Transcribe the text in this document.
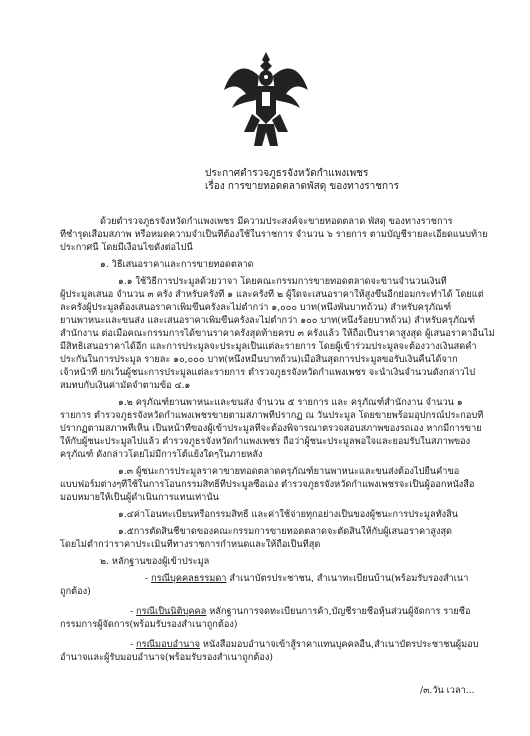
ประกาศตำรวจภูธรจังหวัดกำแพงเพชร
เรื่อง การขายทอดตลาดพัสดุ ของทางราชการ
ด้วยตำรวจภูธรจังหวัดกำแพงเพชร มีความประสงค์จะขายทอดตลาด พัสดุ ของทางราชการ
ที่ชำรุดเสื่อมสภาพ หรือหมดความจำเป็นที่ต้องใช้ในราชการ จำนวน ๖ รายการ ตามบัญชีรายละเอียดแนบท้าย
ประกาศนี้ โดยมีเงื่อนไขดังต่อไปนี้
๑. วิธีเสนอราคาและการขายทอดตลาด
๑.๑ ใช้วิธีการประมูลด้วยวาจา โดยคณะกรรมการขายทอดตลาดจะขานจำนวนเงินที่
ผู้ประมูลเสนอ จำนวน ๓ ครั้ง สำหรับครั้งที่ ๑ และครั้งที่ ๒ ผู้ใดจะเสนอราคาให้สูงขึ้นอีกย่อมกระทำได้ โดยแต่
ละครั้งผู้ประมูลต้องเสนอราคาเพิ่มขึ้นครั้งละไม่ต่ำกว่า ๑,๐๐๐ บาท(หนึ่งพันบาทถ้วน) สำหรับครุภัณฑ์
ยานพาหนะและขนส่ง และเสนอราคาเพิ่มขึ้นครั้งละไม่ต่ำกว่า ๑๐๐ บาท(หนึ่งร้อยบาทถ้วน) สำหรับครุภัณฑ์
สำนักงาน ต่อเมื่อคณะกรรมการได้ขานราคาครั้งสุดท้ายครบ ๓ ครั้งแล้ว ให้ถือเป็นราคาสูงสุด ผู้เสนอราคาอื่นไม่
มีสิทธิเสนอราคาได้อีก และการประมูลจะประมูลเป็นแต่ละรายการ โดยผู้เข้าร่วมประมูลจะต้องวางเงินสดค้ำ
ประกันในการประมูล รายละ ๑๐,๐๐๐ บาท(หนึ่งหมื่นบาทถ้วน)เมื่อสิ้นสุดการประมูลขอรับเงินคืนได้จาก
เจ้าหน้าที่ ยกเว้นผู้ชนะการประมูลแต่ละรายการ ตำรวจภูธรจังหวัดกำแพงเพชร จะนำเงินจำนวนดังกล่าวไป
สมทบกับเงินค่ามัดจำตามข้อ ๔.๑
๑.๒ ครุภัณฑ์ยานพาหนะและขนส่ง จำนวน ๕ รายการ และ ครุภัณฑ์สำนักงาน จำนวน ๑
รายการ ตำรวจภูธรจังหวัดกำแพงเพชรขายตามสภาพที่ปรากฏ ณ วันประมูล โดยขายพร้อมอุปกรณ์ประกอบที่
ปรากฏตามสภาพที่เห็น เป็นหน้าที่ของผู้เข้าประมูลที่จะต้องพิจารณาตรวจสอบสภาพของรถเอง หากมีการขาย
ให้กับผู้ชนะประมูลไปแล้ว ตำรวจภูธรจังหวัดกำแพงเพชร ถือว่าผู้ชนะประมูลพอใจและยอมรับในสภาพของ
ครุภัณฑ์ ดังกล่าวโดยไม่มีการโต้แย้งใดๆในภายหลัง
๑.๓ ผู้ชนะการประมูลราคาขายทอดตลาดครุภัณฑ์ยานพาหนะและขนส่งต้องไปยื่นคำขอ
แบบฟอร์มต่างๆที่ใช้ในการโอนกรรมสิทธิ์ที่ประมูลซื้อเอง ตำรวจภูธรจังหวัดกำแพงเพชรจะเป็นผู้ออกหนังสือ
มอบหมายให้เป็นผู้ดำเนินการแทนเท่านั้น
๑.๔ค่าโอนทะเบียนหรือกรรมสิทธิ์ และค่าใช้จ่ายทุกอย่างเป็นของผู้ชนะการประมูลทั้งสิ้น
๑.๕การตัดสินชี้ขาดของคณะกรรมการขายทอดตลาดจะตัดสินให้กับผู้เสนอราคาสูงสุด
โดยไม่ต่ำกว่าราคาประเมินที่ทางราชการกำหนดและให้ถือเป็นที่สุด
๒. หลักฐานของผู้เข้าประมูล
- กรณีบุคคลธรรมดา สำเนาบัตรประชาชน, สำเนาทะเบียนบ้าน(พร้อมรับรองสำเนา
ถูกต้อง)
- กรณีเป็นนิติบุคคล หลักฐานการจดทะเบียนการค้า,บัญชีรายชื่อหุ้นส่วนผู้จัดการ รายชื่อ
กรรมการผู้จัดการ(พร้อมรับรองสำเนาถูกต้อง)
- กรณีมอบอำนาจ หนังสือมอบอำนาจเข้าสู้ราคาแทนบุคคลอื่น,สำเนาบัตรประชาชนผู้มอบ
อำนาจและผู้รับมอบอำนาจ(พร้อมรับรองสำเนาถูกต้อง)
/๓.วัน เวลา...
